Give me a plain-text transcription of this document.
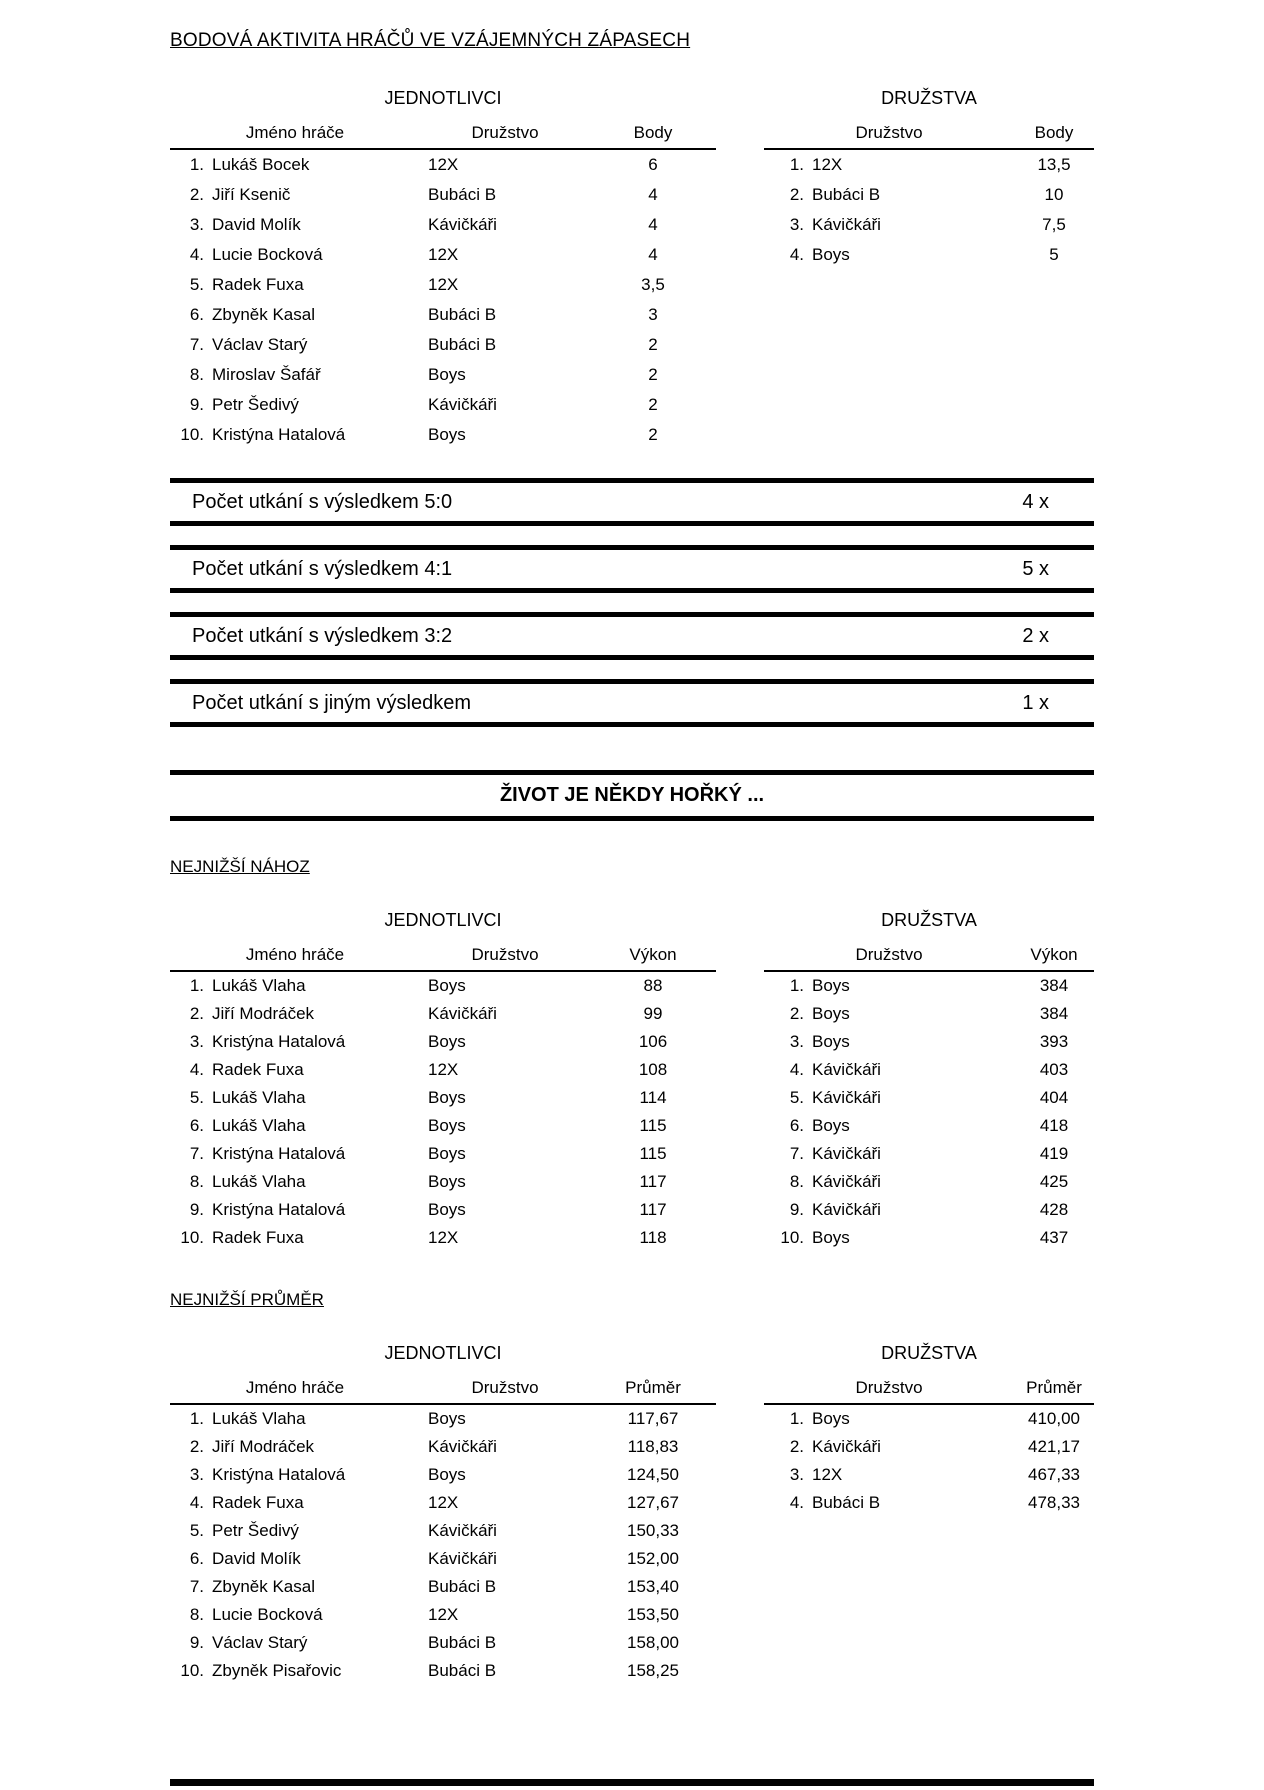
BODOVÁ AKTIVITA HRÁČŮ VE VZÁJEMNÝCH ZÁPASECH
JEDNOTLIVCI
Jméno hráče	Družstvo	Body
1. Lukáš Bocek	12X	6
2. Jiří Ksenič	Bubáci B	4
3. David Molík	Kávičkáři	4
4. Lucie Bocková	12X	4
5. Radek Fuxa	12X	3,5
6. Zbyněk Kasal	Bubáci B	3
7. Václav Starý	Bubáci B	2
8. Miroslav Šafář	Boys	2
9. Petr Šedivý	Kávičkáři	2
10. Kristýna Hatalová	Boys	2
DRUŽSTVA
Družstvo	Body
1. 12X	13,5
2. Bubáci B	10
3. Kávičkáři	7,5
4. Boys	5
Počet utkání s výsledkem 5:0	4 x
Počet utkání s výsledkem 4:1	5 x
Počet utkání s výsledkem 3:2	2 x
Počet utkání s jiným výsledkem	1 x
ŽIVOT JE NĚKDY HOŘKÝ ...
NEJNIŽŠÍ NÁHOZ
JEDNOTLIVCI
Jméno hráče	Družstvo	Výkon
1. Lukáš Vlaha	Boys	88
2. Jiří Modráček	Kávičkáři	99
3. Kristýna Hatalová	Boys	106
4. Radek Fuxa	12X	108
5. Lukáš Vlaha	Boys	114
6. Lukáš Vlaha	Boys	115
7. Kristýna Hatalová	Boys	115
8. Lukáš Vlaha	Boys	117
9. Kristýna Hatalová	Boys	117
10. Radek Fuxa	12X	118
DRUŽSTVA
Družstvo	Výkon
1. Boys	384
2. Boys	384
3. Boys	393
4. Kávičkáři	403
5. Kávičkáři	404
6. Boys	418
7. Kávičkáři	419
8. Kávičkáři	425
9. Kávičkáři	428
10. Boys	437
NEJNIŽŠÍ PRŮMĚR
JEDNOTLIVCI
Jméno hráče	Družstvo	Průměr
1. Lukáš Vlaha	Boys	117,67
2. Jiří Modráček	Kávičkáři	118,83
3. Kristýna Hatalová	Boys	124,50
4. Radek Fuxa	12X	127,67
5. Petr Šedivý	Kávičkáři	150,33
6. David Molík	Kávičkáři	152,00
7. Zbyněk Kasal	Bubáci B	153,40
8. Lucie Bocková	12X	153,50
9. Václav Starý	Bubáci B	158,00
10. Zbyněk Pisařovic	Bubáci B	158,25
DRUŽSTVA
Družstvo	Průměr
1. Boys	410,00
2. Kávičkáři	421,17
3. 12X	467,33
4. Bubáci B	478,33
